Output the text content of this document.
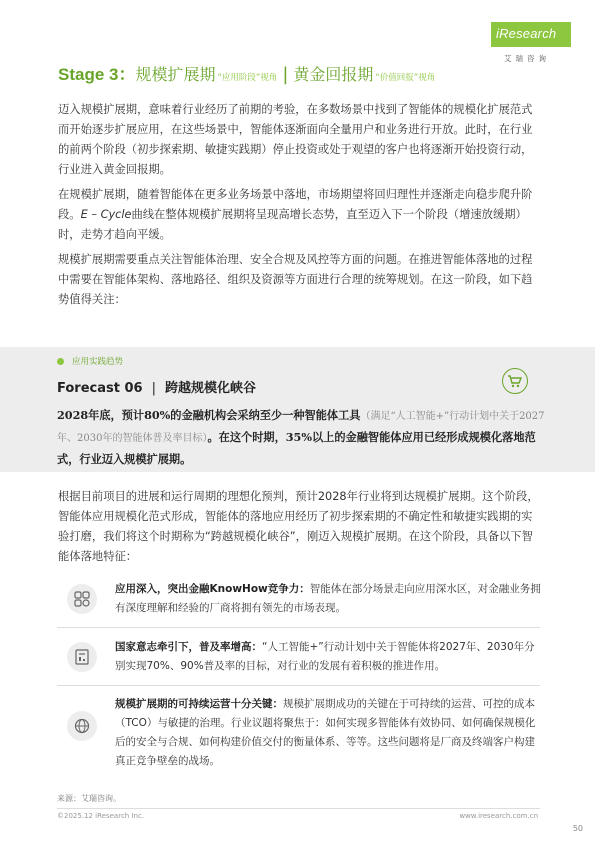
iResearch
艾瑞咨询
Stage 3：规模扩展期 “应用阶段”视角 | 黄金回报期 “价值回报”视角

迈入规模扩展期，意味着行业经历了前期的考验，在多数场景中找到了智能体的规模化扩展范式而开始逐步扩展应用，在这些场景中，智能体逐渐面向全量用户和业务进行开放。此时，在行业的前两个阶段（初步探索期、敏捷实践期）停止投资或处于观望的客户也将逐渐开始投资行动，行业进入黄金回报期。

在规模扩展期，随着智能体在更多业务场景中落地，市场期望将回归理性并逐渐走向稳步爬升阶段。E – Cycle曲线在整体规模扩展期将呈现高增长态势，直至迈入下一个阶段（增速放缓期）时，走势才趋向平缓。

规模扩展期需要重点关注智能体治理、安全合规及风控等方面的问题。在推进智能体落地的过程中需要在智能体架构、落地路径、组织及资源等方面进行合理的统筹规划。在这一阶段，如下趋势值得关注：

应用实践趋势
Forecast 06 | 跨越规模化峡谷

2028年底，预计80%的金融机构会采纳至少一种智能体工具（满足“人工智能+”行动计划中关于2027年、2030年的智能体普及率目标）。在这个时期，35%以上的金融智能体应用已经形成规模化落地范式，行业迈入规模扩展期。

根据目前项目的进展和运行周期的理想化预判，预计2028年行业将到达规模扩展期。这个阶段，智能体应用规模化范式形成，智能体的落地应用经历了初步探索期的不确定性和敏捷实践期的实验打磨，我们将这个时期称为“跨越规模化峡谷”，刚迈入规模扩展期。在这个阶段，具备以下智能体落地特征：

应用深入，突出金融KnowHow竞争力：智能体在部分场景走向应用深水区，对金融业务拥有深度理解和经验的厂商将拥有领先的市场表现。

国家意志牵引下，普及率增高：“人工智能+”行动计划中关于智能体将2027年、2030年分别实现70%、90%普及率的目标，对行业的发展有着积极的推进作用。

规模扩展期的可持续运营十分关键：规模扩展期成功的关键在于可持续的运营、可控的成本（TCO）与敏捷的治理。行业议题将聚焦于：如何实现多智能体有效协同、如何确保规模化后的安全与合规、如何构建价值交付的衡量体系、等等。这些问题将是厂商及终端客户构建真正竞争壁垒的战场。

来源：艾瑞咨询。
©2025.12 iResearch Inc.	www.iresearch.com.cn
50
